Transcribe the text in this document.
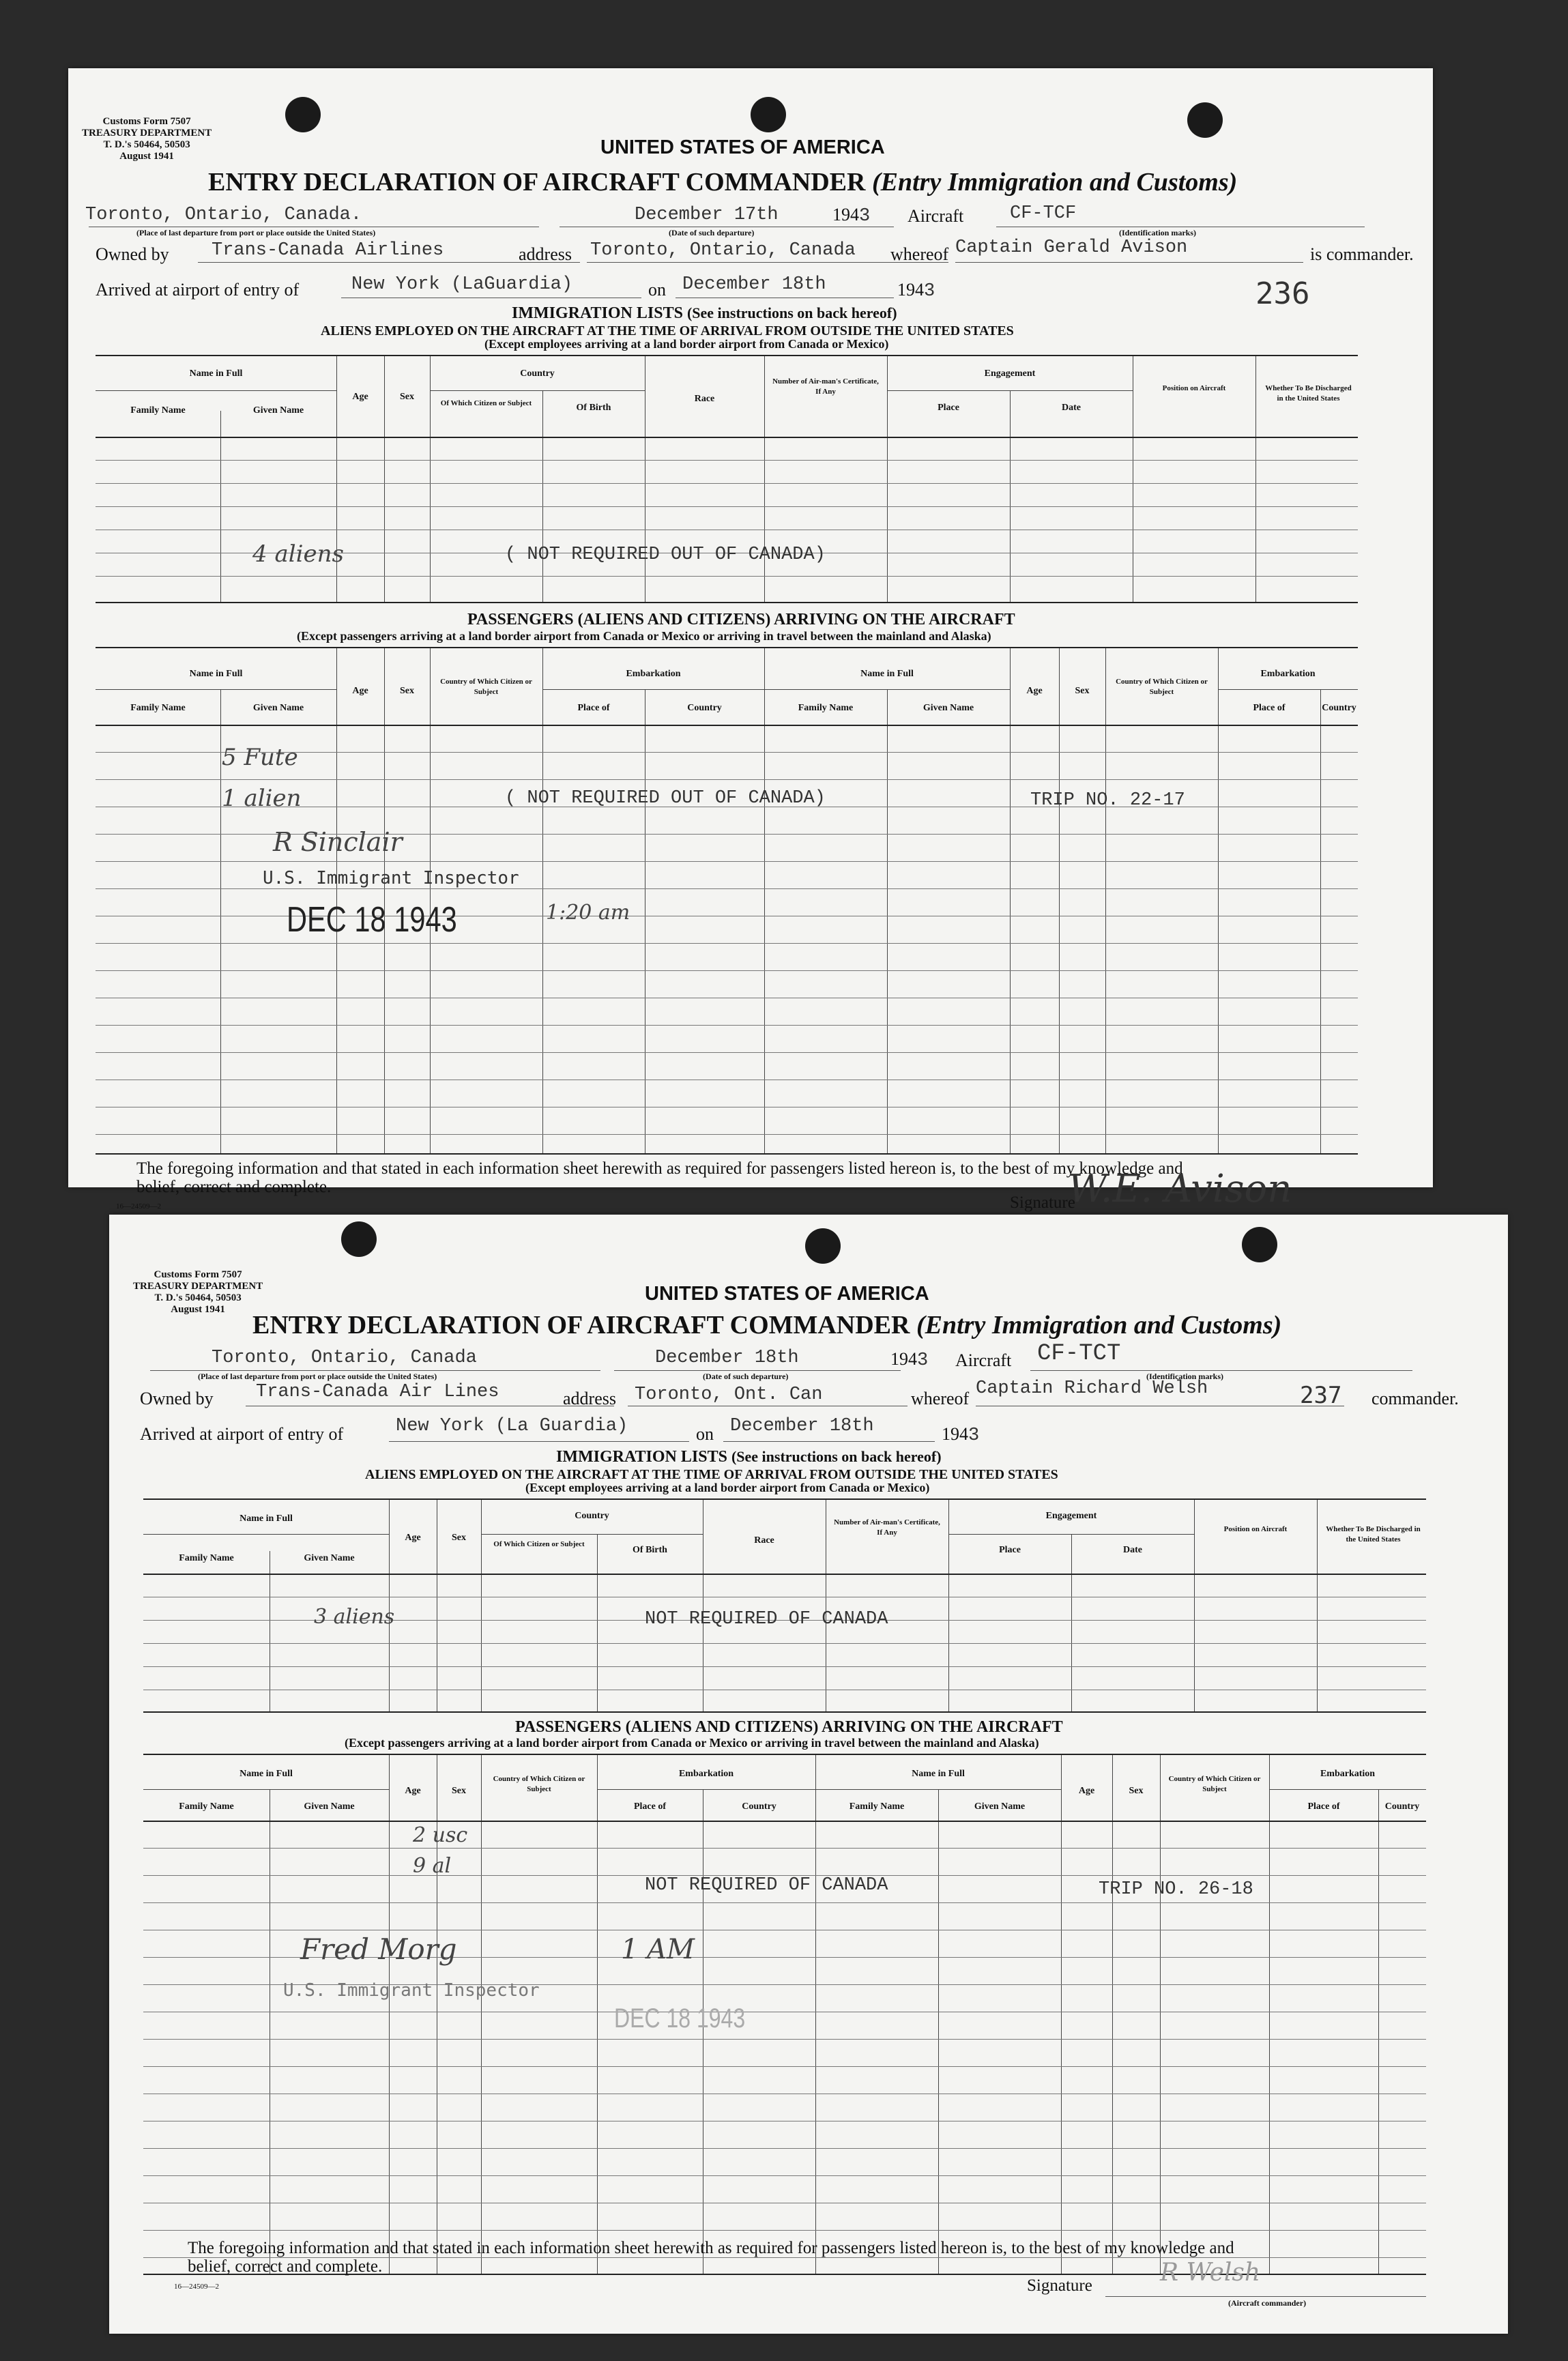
Customs Form 7507
TREASURY DEPARTMENT
T. D.'s 50464, 50503
August 1941	UNITED STATES OF AMERICA
ENTRY DECLARATION OF AIRCRAFT COMMANDER (Entry Immigration and Customs)
Toronto, Ontario, Canada.
(Place of last departure from port or place outside the United States)
December 17th
(Date of such departure)
1943 Aircraft	CF-TCF
(Identification marks)
Owned by Trans-Canada Airlines	address Toronto, Ontario, Canada whereof Captain Gerald Avison	is commander.
Arrived at airport of entry of	New York (LaGuardia)	on December 18th	1943	236
IMMIGRATION LISTS (See instructions on back hereof)
ALIENS EMPLOYED ON THE AIRCRAFT AT THE TIME OF ARRIVAL FROM OUTSIDE THE UNITED STATES
(Except employees arriving at a land border airport from Canada or Mexico)
Name in Full
Family Name	Given Name
Age	Sex
Country
Of Which Citizen or Subject	Of Birth
Race
Number of Air-man's Certificate, If Any
Engagement
Place	Date
Position on Aircraft	Whether To Be Discharged in the United States
4 aliens	( NOT REQUIRED OUT OF CANADA)
PASSENGERS (ALIENS AND CITIZENS) ARRIVING ON THE AIRCRAFT
(Except passengers arriving at a land border airport from Canada or Mexico or arriving in travel between the mainland and Alaska)
Name in Full
Family Name	Given Name
Age	Sex
Country of Which Citizen or Subject
Embarkation
Place of	Country
Name in Full
Family Name	Given Name
Age	Sex
Country of Which Citizen or Subject
Embarkation
Place of	Country
5 Fute
1 alien	( NOT REQUIRED OUT OF CANADA)	TRIP NO. 22-17
R Sinclair
U.S. Immigrant Inspector
DEC 18 1943	1:20 am
The foregoing information and that stated in each information sheet herewith as required for passengers listed hereon is, to the best of my knowledge and
belief, correct and complete.
16—24509—2	Signature
W.E. Avison
Customs Form 7507
TREASURY DEPARTMENT
T. D.'s 50464, 50503
August 1941
UNITED STATES OF AMERICA
ENTRY DECLARATION OF AIRCRAFT COMMANDER (Entry Immigration and Customs)
Toronto, Ontario, Canada
(Place of last departure from port or place outside the United States)
December 18th
(Date of such departure)
1943 Aircraft CF-TCT
(Identification marks)
Owned by Trans-Canada Air Lines	address Toronto, Ont. Can	whereof Captain Richard Welsh	237 commander.
Arrived at airport of entry of	New York (La Guardia)	on December 18th	1943
IMMIGRATION LISTS (See instructions on back hereof)
ALIENS EMPLOYED ON THE AIRCRAFT AT THE TIME OF ARRIVAL FROM OUTSIDE THE UNITED STATES
(Except employees arriving at a land border airport from Canada or Mexico)
Name in Full
Family Name	Given Name
Age	Sex
Country
Of Which Citizen or Subject
Of Birth
Race
Number of Air-man's Certificate, If Any
Engagement
Place	Date
Position on Aircraft	Whether To Be Discharged in the United States
3 aliens	NOT REQUIRED OF CANADA
PASSENGERS (ALIENS AND CITIZENS) ARRIVING ON THE AIRCRAFT
(Except passengers arriving at a land border airport from Canada or Mexico or arriving in travel between the mainland and Alaska)
Name in Full
Family Name	Given Name
Age	Sex
Country of Which Citizen or Subject
Embarkation
Place of	Country
Name in Full
Family Name	Given Name
Age	Sex
Country of Which Citizen or Subject
Embarkation
Place of	Country
2 usc
9 al
NOT REQUIRED OF CANADA	TRIP NO. 26-18
Fred Morg	1 AM
U.S. Immigrant Inspector
DEC 18 1943
The foregoing information and that stated in each information sheet herewith as required for passengers listed hereon is, to the best of my knowledge and
belief, correct and complete.
16—24509—2	Signature	R Welsh
(Aircraft commander)
